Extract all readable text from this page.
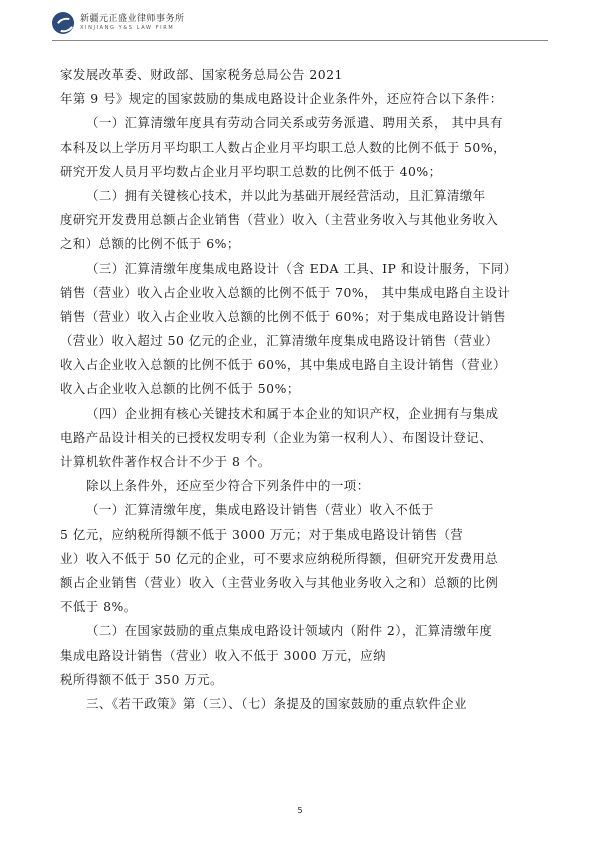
新疆元正盛业律师事务所
XINJIANG Y&S LAW FIRM
家发展改革委、财政部、国家税务总局公告 2021
年第 9 号》规定的国家鼓励的集成电路设计企业条件外，还应符合以下条件：
（一）汇算清缴年度具有劳动合同关系或劳务派遣、聘用关系， 其中具有
本科及以上学历月平均职工人数占企业月平均职工总人数的比例不低于 50%，
研究开发人员月平均数占企业月平均职工总数的比例不低于 40%；
（二）拥有关键核心技术，并以此为基础开展经营活动，且汇算清缴年
度研究开发费用总额占企业销售（营业）收入（主营业务收入与其他业务收入
之和）总额的比例不低于 6%；
（三）汇算清缴年度集成电路设计（含 EDA 工具、IP 和设计服务，下同）
销售（营业）收入占企业收入总额的比例不低于 70%， 其中集成电路自主设计
销售（营业）收入占企业收入总额的比例不低于 60%；对于集成电路设计销售
（营业）收入超过 50 亿元的企业，汇算清缴年度集成电路设计销售（营业）
收入占企业收入总额的比例不低于 60%，其中集成电路自主设计销售（营业）
收入占企业收入总额的比例不低于 50%；
（四）企业拥有核心关键技术和属于本企业的知识产权，企业拥有与集成
电路产品设计相关的已授权发明专利（企业为第一权利人）、布图设计登记、
计算机软件著作权合计不少于 8 个。
除以上条件外，还应至少符合下列条件中的一项：
（一）汇算清缴年度，集成电路设计销售（营业）收入不低于
5 亿元，应纳税所得额不低于 3000 万元；对于集成电路设计销售（营
业）收入不低于 50 亿元的企业，可不要求应纳税所得额，但研究开发费用总
额占企业销售（营业）收入（主营业务收入与其他业务收入之和）总额的比例
不低于 8%。
（二）在国家鼓励的重点集成电路设计领域内（附件 2），汇算清缴年度
集成电路设计销售（营业）收入不低于 3000 万元，应纳
税所得额不低于 350 万元。
三、《若干政策》第（三）、（七）条提及的国家鼓励的重点软件企业
5
